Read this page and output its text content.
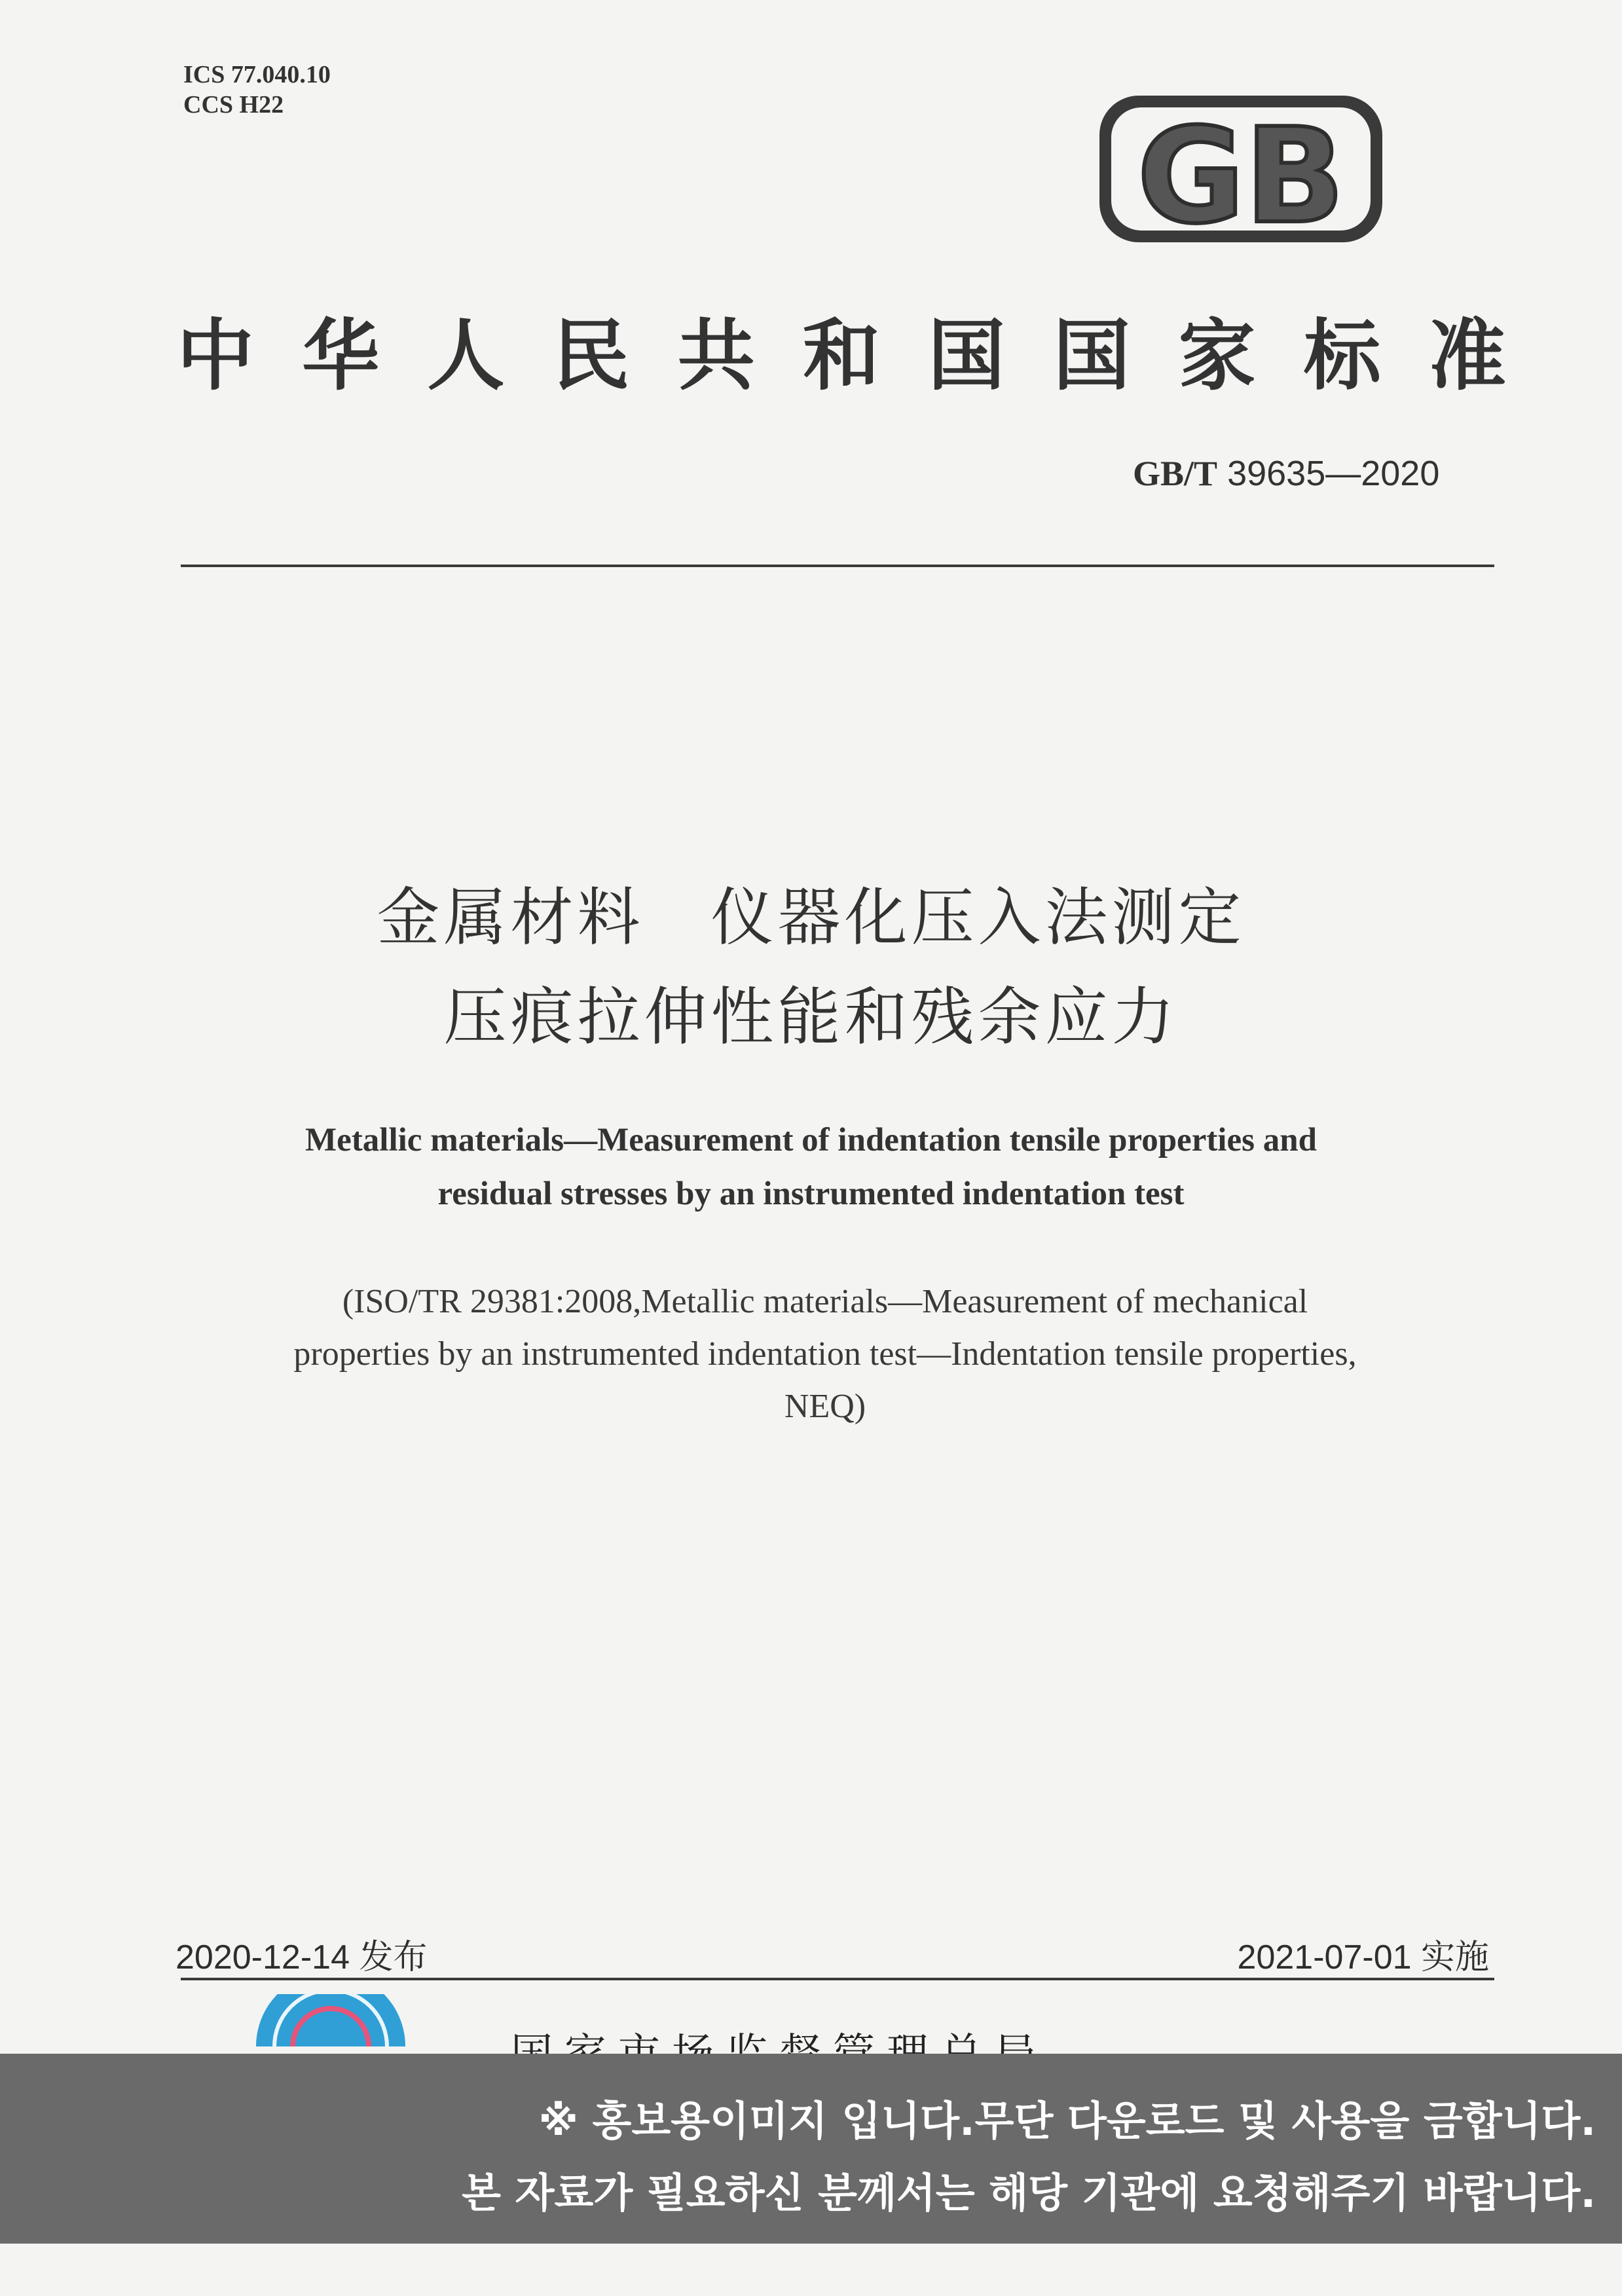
ICS 77.040.10
CCS H22	GB
中 华 人 民 共 和 国 国 家 标 准
GB/T 39635—2020
金属材料　仪器化压入法测定
压痕拉伸性能和残余应力
Metallic materials—Measurement of indentation tensile properties and
residual stresses by an instrumented indentation test
(ISO/TR 29381:2008,Metallic materials—Measurement of mechanical
properties by an instrumented indentation test—Indentation tensile properties,
NEQ)
2020-12-14 发布	2021-07-01 实施
※ 홍보용이미지 입니다.무단 다운로드 및 사용을 금합니다.
본 자료가 필요하신 분께서는 해당 기관에 요청해주기 바랍니다.
